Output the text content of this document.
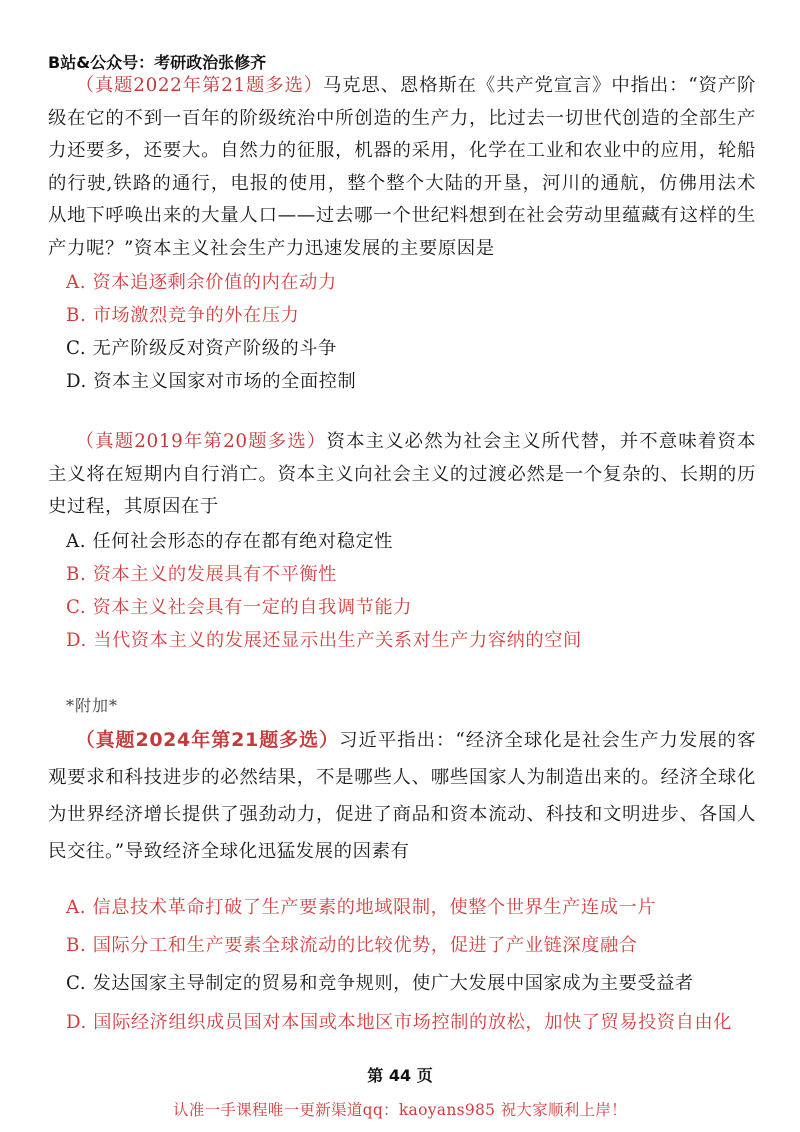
B站&公众号：考研政治张修齐

（真题2022年第21题多选）马克思、恩格斯在《共产党宣言》中指出：“资产阶级在它的不到一百年的阶级统治中所创造的生产力，比过去一切世代创造的全部生产力还要多，还要大。自然力的征服，机器的采用，化学在工业和农业中的应用，轮船的行驶,铁路的通行，电报的使用，整个整个大陆的开垦，河川的通航，仿佛用法术从地下呼唤出来的大量人口——过去哪一个世纪料想到在社会劳动里蕴藏有这样的生产力呢？”资本主义社会生产力迅速发展的主要原因是

A. 资本追逐剩余价值的内在动力
B. 市场激烈竞争的外在压力
C. 无产阶级反对资产阶级的斗争
D. 资本主义国家对市场的全面控制

（真题2019年第20题多选）资本主义必然为社会主义所代替，并不意味着资本主义将在短期内自行消亡。资本主义向社会主义的过渡必然是一个复杂的、长期的历史过程，其原因在于

A. 任何社会形态的存在都有绝对稳定性
B. 资本主义的发展具有不平衡性
C. 资本主义社会具有一定的自我调节能力
D. 当代资本主义的发展还显示出生产关系对生产力容纳的空间
*附加*

（真题2024年第21题多选）习近平指出：“经济全球化是社会生产力发展的客观要求和科技进步的必然结果，不是哪些人、哪些国家人为制造出来的。经济全球化为世界经济增长提供了强劲动力，促进了商品和资本流动、科技和文明进步、各国人民交往。”导致经济全球化迅猛发展的因素有

A. 信息技术革命打破了生产要素的地域限制，使整个世界生产连成一片
B. 国际分工和生产要素全球流动的比较优势，促进了产业链深度融合
C. 发达国家主导制定的贸易和竞争规则，使广大发展中国家成为主要受益者
D. 国际经济组织成员国对本国或本地区市场控制的放松，加快了贸易投资自由化
第 44 页
认准一手课程唯一更新渠道qq：kaoyans985 祝大家顺利上岸！
